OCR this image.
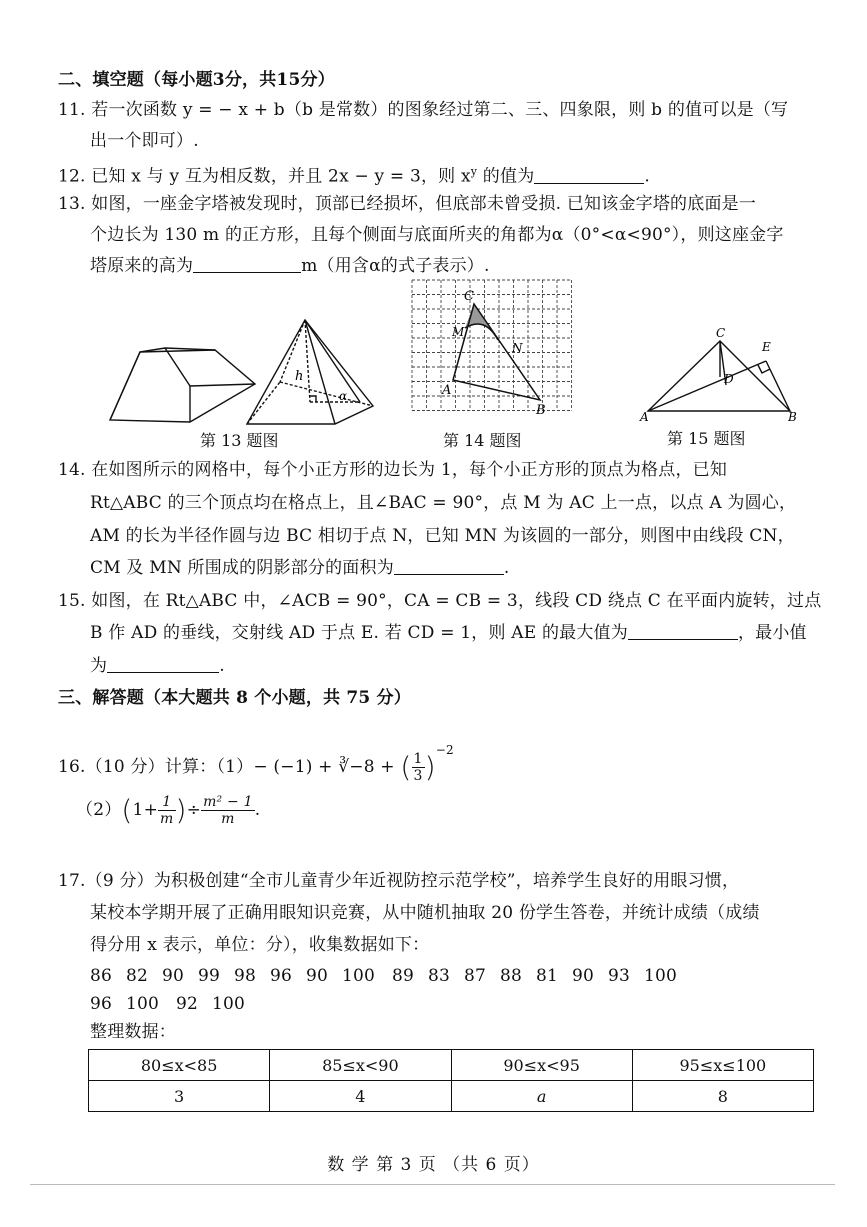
二、填空题（每小题3分，共15分）
11. 若一次函数 y = − x + b（b 是常数）的图象经过第二、三、四象限，则 b 的值可以是（写
出一个即可）.
12. 已知 x 与 y 互为相反数，并且 2x − y = 3，则 $x^y$ 的值为	.
13. 如图，一座金字塔被发现时，顶部已经损坏，但底部未曾受损. 已知该金字塔的底面是一
个边长为 130 m 的正方形，且每个侧面与底面所夹的角都为α（0°<α<90°），则这座金字
塔原来的高为	m（用含α的式子表示）.
h
α
第 13 题图
C
M
N
A
B
第 14 题图
C
E
D
A	B
第 15 题图
14. 在如图所示的网格中，每个小正方形的边长为 1，每个小正方形的顶点为格点，已知
Rt△ABC 的三个顶点均在格点上，且∠BAC = 90°，点 M 为 AC 上一点，以点 A 为圆心，
AM 的长为半径作圆与边 BC 相切于点 N，已知 MN 为该圆的一部分，则图中由线段 CN，
CM 及 MN 所围成的阴影部分的面积为	.
15. 如图，在 Rt△ABC 中，∠ACB = 90°，CA = CB = 3，线段 CD 绕点 C 在平面内旋转，过点
B 作 AD 的垂线，交射线 AD 于点 E. 若 CD = 1，则 AE 的最大值为	，最小值
为	.
三、解答题（本大题共 8 个小题，共 75 分）
16.（10 分）计算：（1）− (−1) + ∛−8 + ( $\frac{1}{3} )^{-2}$
$(2)(1+ \frac{1}{m}$ )÷ $\frac{\text{m² − 1}}{m}$ .
17.（9 分）为积极创建“全市儿童青少年近视防控示范学校”，培养学生良好的用眼习惯，
某校本学期开展了正确用眼知识竞赛，从中随机抽取 20 份学生答卷，并统计成绩（成绩
得分用 x 表示，单位：分），收集数据如下：
86 82 90 99 98 96 90 100 89 83 87 88 81 90 93 100
96 100 92 100
整理数据：
80≤x<85	85≤x<90	90≤x<95	95≤x≤100
3	4	a	8
数 学 第 3 页 （共 6 页）
